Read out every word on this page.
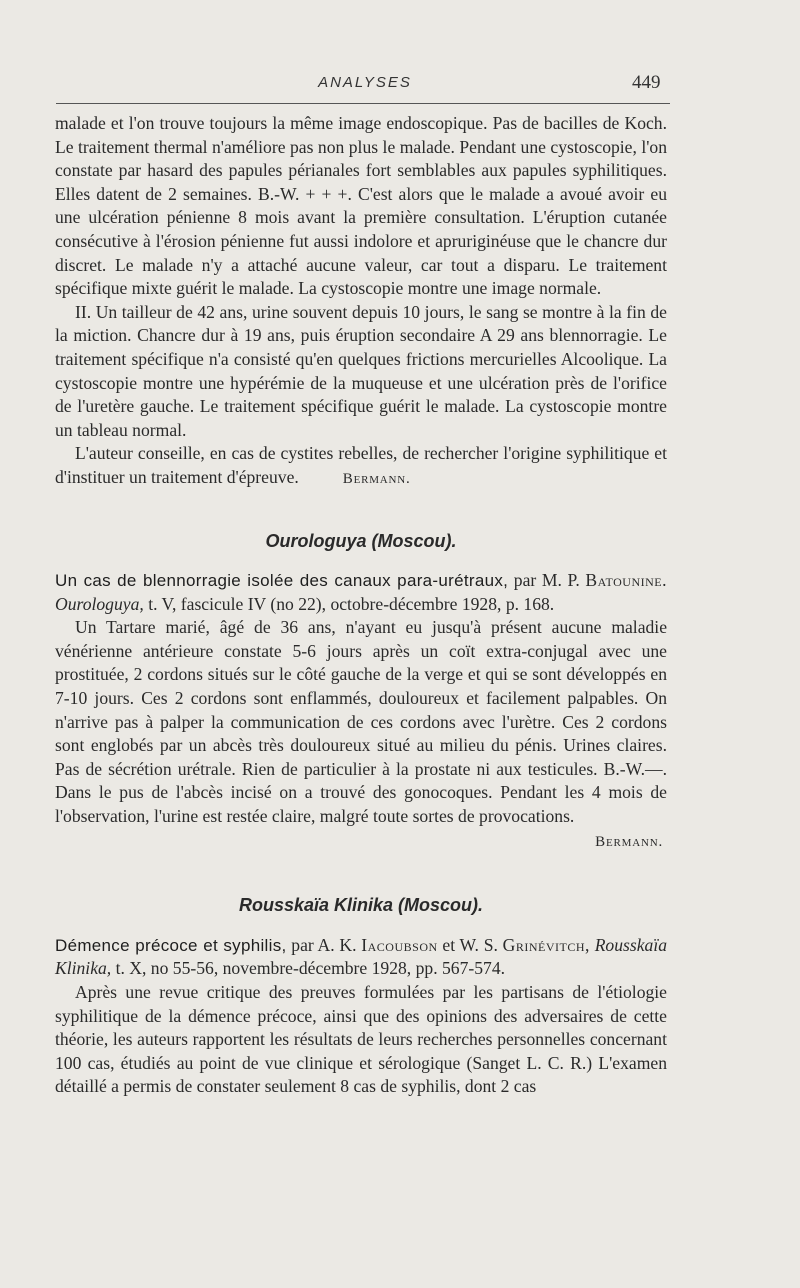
ANALYSES	449

malade et l'on trouve toujours la même image endoscopique. Pas de bacilles de Koch. Le traitement thermal n'améliore pas non plus le malade. Pendant une cystoscopie, l'on constate par hasard des papules périanales fort semblables aux papules syphilitiques. Elles datent de 2 semaines. B.-W. + + +. C'est alors que le malade a avoué avoir eu une ulcération pénienne 8 mois avant la première consultation. L'éruption cutanée consécutive à l'érosion pénienne fut aussi indolore et apruriginéuse que le chancre dur discret. Le malade n'y a attaché aucune valeur, car tout a disparu. Le traitement spécifique mixte guérit le malade. La cystoscopie montre une image normale.

II. Un tailleur de 42 ans, urine souvent depuis 10 jours, le sang se montre à la fin de la miction. Chancre dur à 19 ans, puis éruption secondaire A 29 ans blennorragie. Le traitement spécifique n'a consisté qu'en quelques frictions mercurielles Alcoolique. La cystoscopie montre une hypérémie de la muqueuse et une ulcération près de l'orifice de l'uretère gauche. Le traitement spécifique guérit le malade. La cystoscopie montre un tableau normal.

L'auteur conseille, en cas de cystites rebelles, de rechercher l'origine syphilitique et d'instituer un traitement d'épreuve.	Bermann.

Ourologuya (Moscou).

Un cas de blennorragie isolée des canaux para-urétraux, par M. P. Batounine. Ourologuya, t. V, fascicule IV (no 22), octobre-décembre 1928, p. 168.

Un Tartare marié, âgé de 36 ans, n'ayant eu jusqu'à présent aucune maladie vénérienne antérieure constate 5-6 jours après un coït extra-conjugal avec une prostituée, 2 cordons situés sur le côté gauche de la verge et qui se sont développés en 7-10 jours. Ces 2 cordons sont enflammés, douloureux et facilement palpables. On n'arrive pas à palper la communication de ces cordons avec l'urètre. Ces 2 cordons sont englobés par un abcès très douloureux situé au milieu du pénis. Urines claires. Pas de sécrétion urétrale. Rien de particulier à la prostate ni aux testicules. B.-W.—. Dans le pus de l'abcès incisé on a trouvé des gonocoques. Pendant les 4 mois de l'observation, l'urine est restée claire, malgré toute sortes de provocations.

Bermann.

Rousskaïa Klinika (Moscou).

Démence précoce et syphilis, par A. K. Iacoubson et W. S. Grinévitch, Rousskaïa Klinika, t. X, no 55-56, novembre-décembre 1928, pp. 567-574.

Après une revue critique des preuves formulées par les partisans de l'étiologie syphilitique de la démence précoce, ainsi que des opinions des adversaires de cette théorie, les auteurs rapportent les résultats de leurs recherches personnelles concernant 100 cas, étudiés au point de vue clinique et sérologique (Sanget L. C. R.) L'examen détaillé a permis de constater seulement 8 cas de syphilis, dont 2 cas
